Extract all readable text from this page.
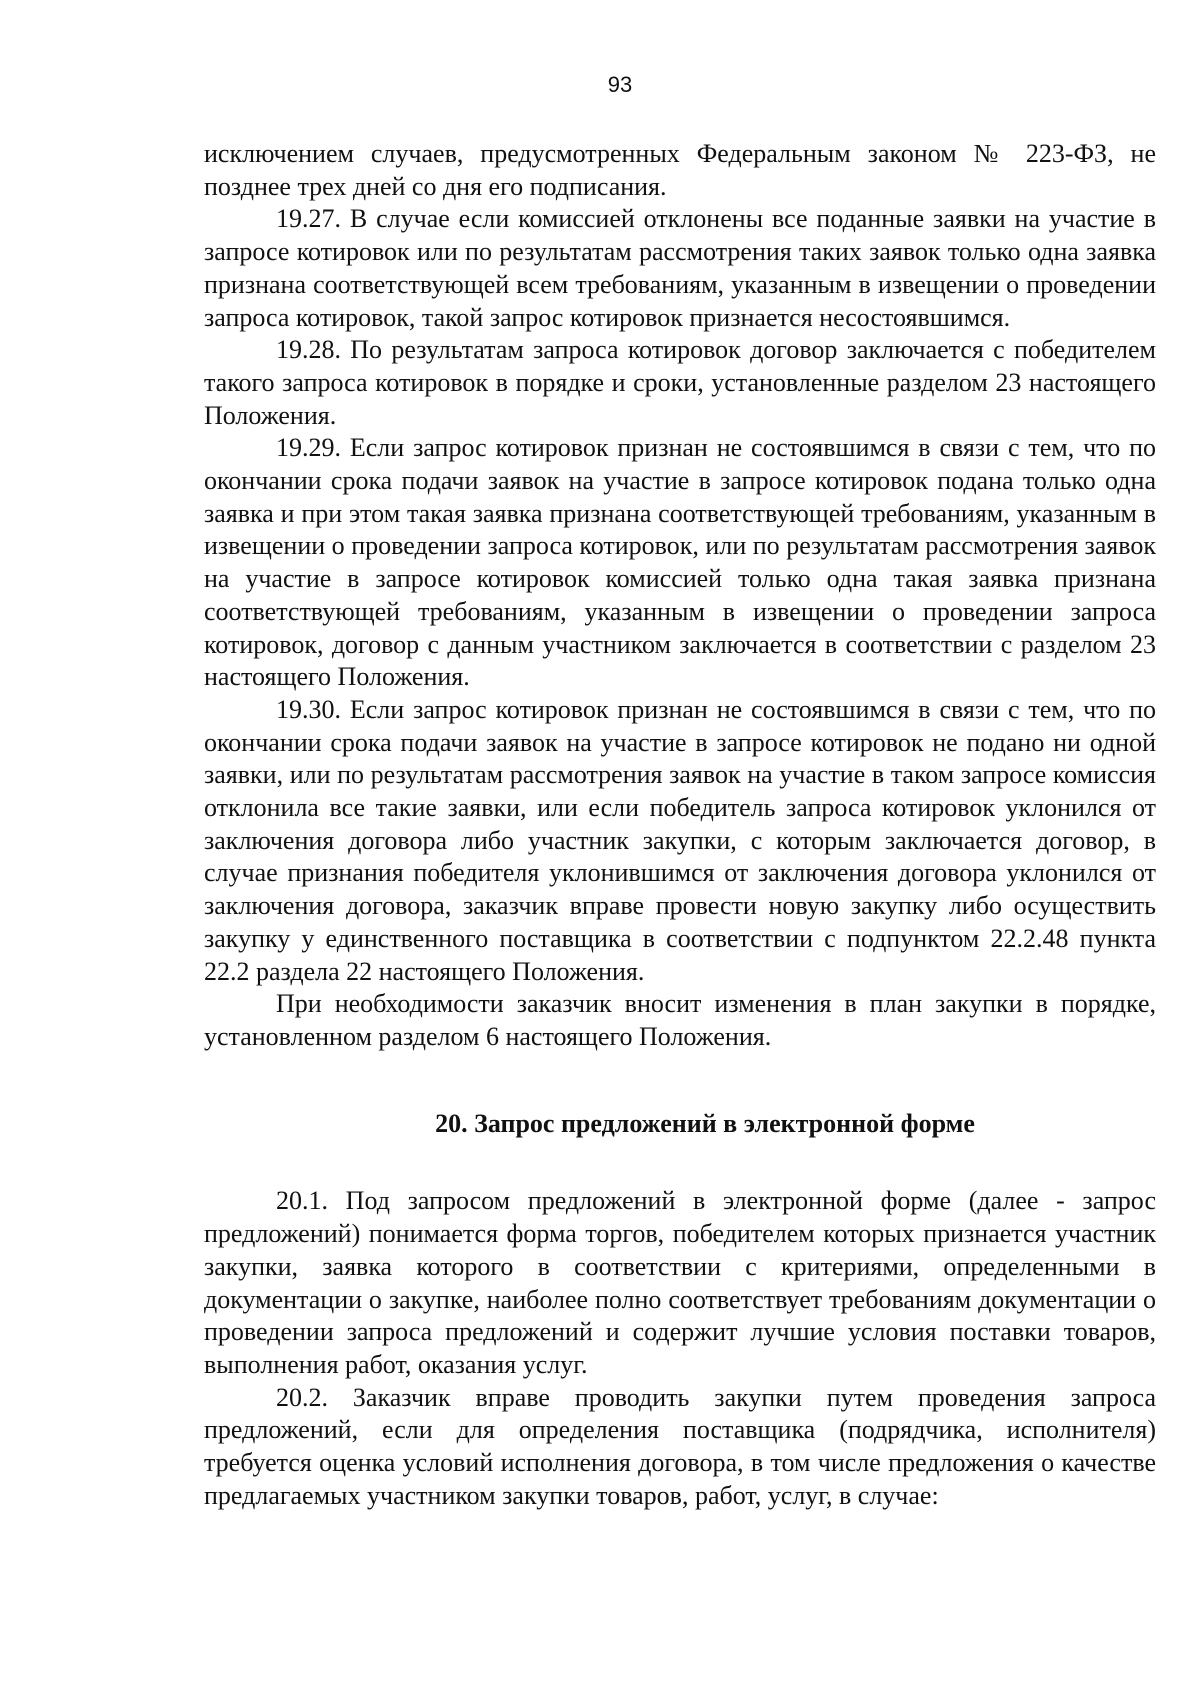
93

исключением случаев, предусмотренных Федеральным законом № 223-ФЗ, не позднее трех дней со дня его подписания.

19.27. В случае если комиссией отклонены все поданные заявки на участие в запросе котировок или по результатам рассмотрения таких заявок только одна заявка признана соответствующей всем требованиям, указанным в извещении о проведении запроса котировок, такой запрос котировок признается несостоявшимся.

19.28. По результатам запроса котировок договор заключается с победителем такого запроса котировок в порядке и сроки, установленные разделом 23 настоящего Положения.

19.29. Если запрос котировок признан не состоявшимся в связи с тем, что по окончании срока подачи заявок на участие в запросе котировок подана только одна заявка и при этом такая заявка признана соответствующей требованиям, указанным в извещении о проведении запроса котировок, или по результатам рассмотрения заявок на участие в запросе котировок комиссией только одна такая заявка признана соответствующей требованиям, указанным в извещении о проведении запроса котировок, договор с данным участником заключается в соответствии с разделом 23 настоящего Положения.

19.30. Если запрос котировок признан не состоявшимся в связи с тем, что по окончании срока подачи заявок на участие в запросе котировок не подано ни одной заявки, или по результатам рассмотрения заявок на участие в таком запросе комиссия отклонила все такие заявки, или если победитель запроса котировок уклонился от заключения договора либо участник закупки, с которым заключается договор, в случае признания победителя уклонившимся от заключения договора уклонился от заключения договора, заказчик вправе провести новую закупку либо осуществить закупку у единственного поставщика в соответствии с подпунктом 22.2.48 пункта 22.2 раздела 22 настоящего Положения.

При необходимости заказчик вносит изменения в план закупки в порядке, установленном разделом 6 настоящего Положения.

20. Запрос предложений в электронной форме

20.1. Под запросом предложений в электронной форме (далее - запрос предложений) понимается форма торгов, победителем которых признается участник закупки, заявка которого в соответствии с критериями, определенными в документации о закупке, наиболее полно соответствует требованиям документации о проведении запроса предложений и содержит лучшие условия поставки товаров, выполнения работ, оказания услуг.

20.2. Заказчик вправе проводить закупки путем проведения запроса предложений, если для определения поставщика (подрядчика, исполнителя) требуется оценка условий исполнения договора, в том числе предложения о качестве предлагаемых участником закупки товаров, работ, услуг, в случае:
